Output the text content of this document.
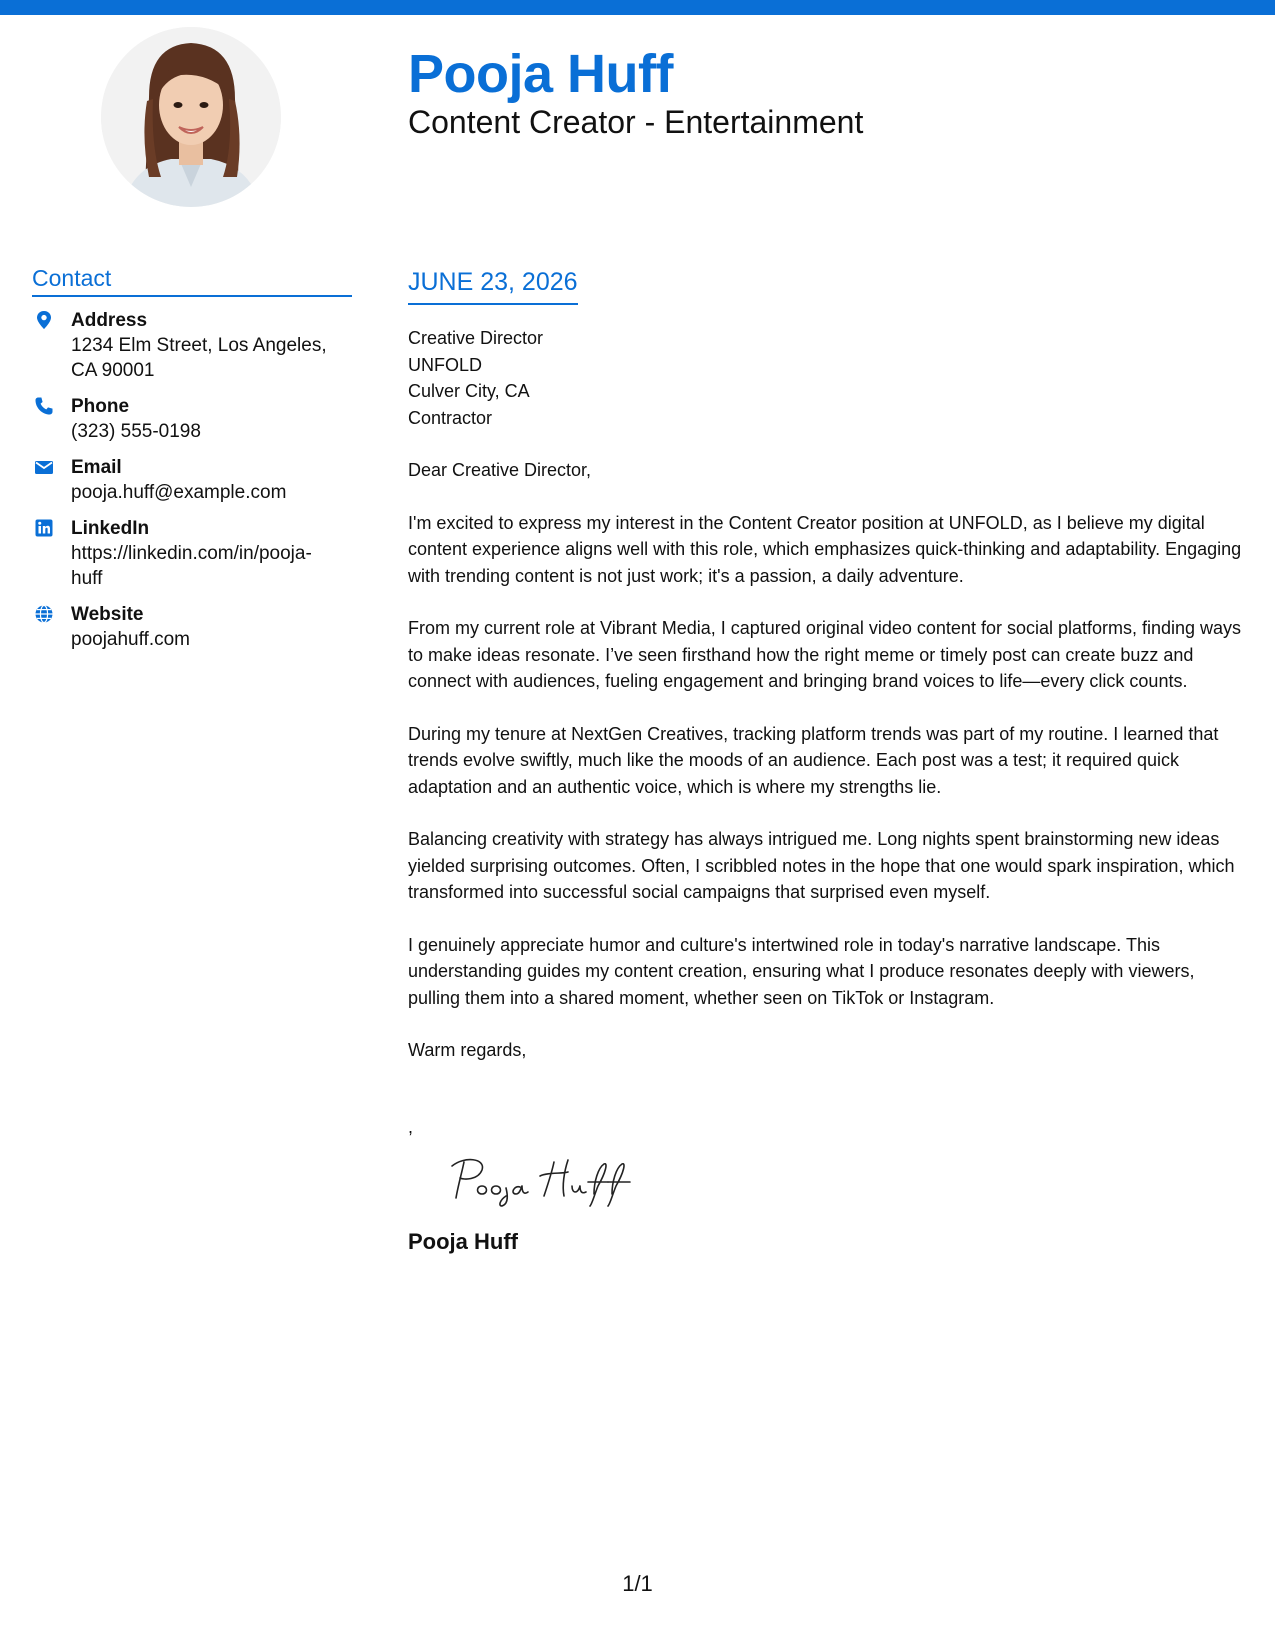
Pooja Huff
Content Creator - Entertainment
Contact
Address
1234 Elm Street, Los Angeles, CA 90001
Phone
(323) 555-0198
Email
pooja.huff@example.com
LinkedIn
https://linkedin.com/in/pooja-huff
Website
poojahuff.com
JUNE 23, 2026
Creative Director
UNFOLD
Culver City, CA
Contractor
Dear Creative Director,
I'm excited to express my interest in the Content Creator position at UNFOLD, as I believe my digital content experience aligns well with this role, which emphasizes quick-thinking and adaptability. Engaging with trending content is not just work; it's a passion, a daily adventure.
From my current role at Vibrant Media, I captured original video content for social platforms, finding ways to make ideas resonate. I’ve seen firsthand how the right meme or timely post can create buzz and connect with audiences, fueling engagement and bringing brand voices to life—every click counts.
During my tenure at NextGen Creatives, tracking platform trends was part of my routine. I learned that trends evolve swiftly, much like the moods of an audience. Each post was a test; it required quick adaptation and an authentic voice, which is where my strengths lie.
Balancing creativity with strategy has always intrigued me. Long nights spent brainstorming new ideas yielded surprising outcomes. Often, I scribbled notes in the hope that one would spark inspiration, which transformed into successful social campaigns that surprised even myself.
I genuinely appreciate humor and culture's intertwined role in today's narrative landscape. This understanding guides my content creation, ensuring what I produce resonates deeply with viewers, pulling them into a shared moment, whether seen on TikTok or Instagram.
Warm regards,
,
Pooja Huff
1/1
